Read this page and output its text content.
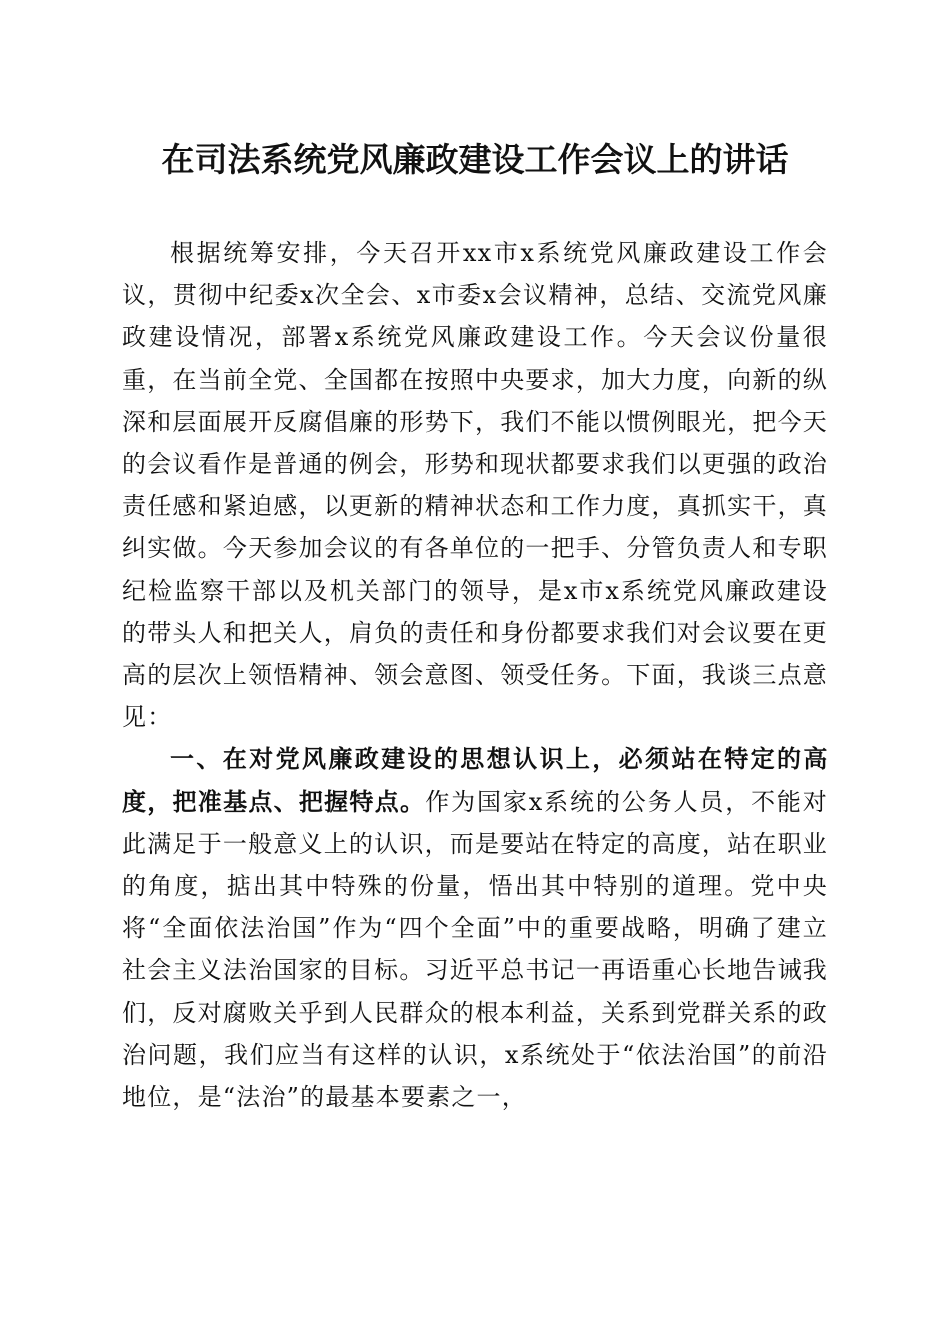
在司法系统党风廉政建设工作会议上的讲话

根据统筹安排，今天召开xx市x系统党风廉政建设工作会议，贯彻中纪委x次全会、x市委x会议精神，总结、交流党风廉政建设情况，部署x系统党风廉政建设工作。今天会议份量很重，在当前全党、全国都在按照中央要求，加大力度，向新的纵深和层面展开反腐倡廉的形势下，我们不能以惯例眼光，把今天的会议看作是普通的例会，形势和现状都要求我们以更强的政治责任感和紧迫感，以更新的精神状态和工作力度，真抓实干，真纠实做。今天参加会议的有各单位的一把手、分管负责人和专职纪检监察干部以及机关部门的领导，是x市x系统党风廉政建设的带头人和把关人，肩负的责任和身份都要求我们对会议要在更高的层次上领悟精神、领会意图、领受任务。下面，我谈三点意见：

一、在对党风廉政建设的思想认识上，必须站在特定的高度，把准基点、把握特点。作为国家x系统的公务人员，不能对此满足于一般意义上的认识，而是要站在特定的高度，站在职业的角度，掂出其中特殊的份量，悟出其中特别的道理。党中央将“全面依法治国”作为“四个全面”中的重要战略，明确了建立社会主义法治国家的目标。习近平总书记一再语重心长地告诫我们，反对腐败关乎到人民群众的根本利益，关系到党群关系的政治问题，我们应当有这样的认识，x系统处于“依法治国”的前沿地位，是“法治”的最基本要素之一，
